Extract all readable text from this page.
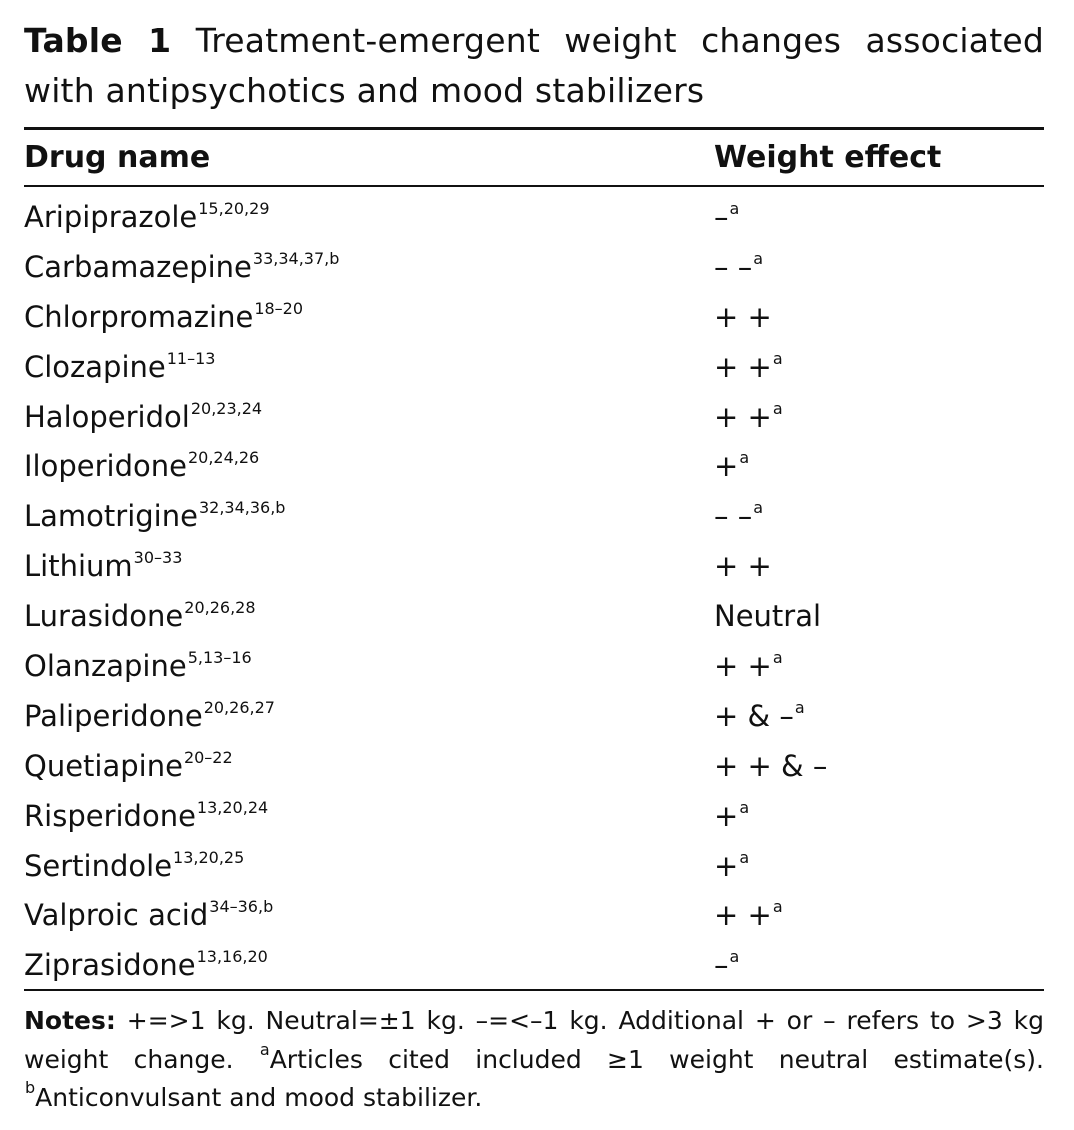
Table 1 Treatment-emergent weight changes associated with antipsychotics and mood stabilizers
Drug name	Weight effect
Aripiprazole$^{15,20,29}$	–$^a$
Carbamazepine$^{33,34,37,b}$	– –$^a$
Chlorpromazine$^{18-20}$	+ +
Clozapine$^{11-13}$	+ +$^a$
Haloperidol$^{20,23,24}$	+ +$^a$
Iloperidone$^{20,24,26}$	+$^a$
Lamotrigine$^{32,34,36,b}$	– –$^a$
Lithium$^{30-33}$	+ +
Lurasidone$^{20,26,28}$	Neutral
Olanzapine$^{5,13-16}$	+ +$^a$
Paliperidone$^{20,26,27}$	+ & –$^a$
Quetiapine$^{20-22}$	+ + & –
Risperidone$^{13,20,24}$	+$^a$
Sertindole$^{13,20,25}$	+$^a$
Valproic acid$^{34-36,b}$	+ +$^a$
Ziprasidone$^{13,16,20}$	–$^a$
Notes: +=>1 kg. Neutral=±1 kg. –=<–1 kg. Additional + or – refers to >3 kg weight change. $^a$Articles cited included ≥1 weight neutral estimate(s). $^b$Anticonvulsant and mood stabilizer.
